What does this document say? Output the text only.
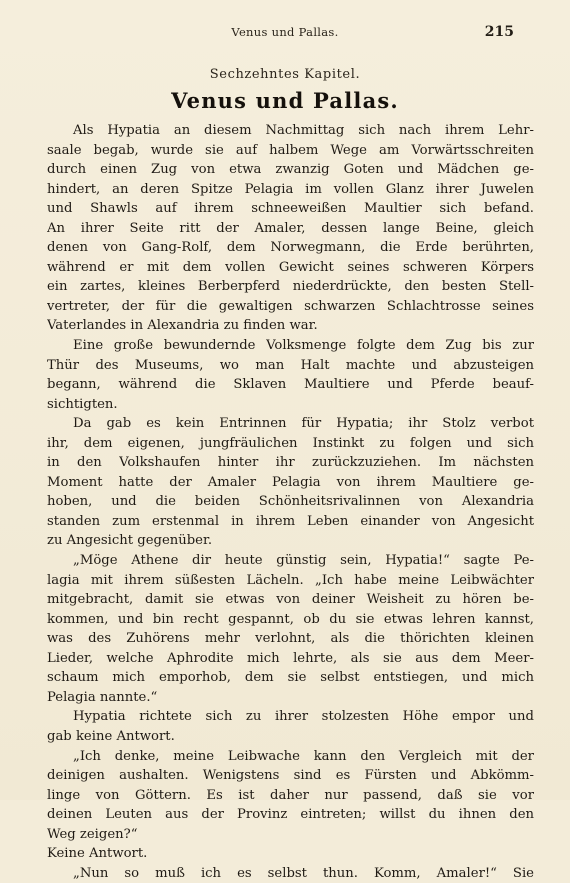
Venus und Pallas.	215
Sechzehntes Kapitel.
Venus und Pallas.
Als Hypatia an diesem Nachmittag sich nach ihrem Lehr-
saale begab, wurde sie auf halbem Wege am Vorwärtsschreiten
durch einen Zug von etwa zwanzig Goten und Mädchen ge-
hindert, an deren Spitze Pelagia im vollen Glanz ihrer Juwelen
und Shawls auf ihrem schneeweißen Maultier sich befand.
An ihrer Seite ritt der Amaler, dessen lange Beine, gleich
denen von Gang-Rolf, dem Norwegmann, die Erde berührten,
während er mit dem vollen Gewicht seines schweren Körpers
ein zartes, kleines Berberpferd niederdrückte, den besten Stell-
vertreter, der für die gewaltigen schwarzen Schlachtrosse seines
Vaterlandes in Alexandria zu finden war.
Eine große bewundernde Volksmenge folgte dem Zug bis zur
Thür des Museums, wo man Halt machte und abzusteigen
begann, während die Sklaven Maultiere und Pferde beauf-
sichtigten.
Da gab es kein Entrinnen für Hypatia; ihr Stolz verbot
ihr, dem eigenen, jungfräulichen Instinkt zu folgen und sich
in den Volkshaufen hinter ihr zurückzuziehen. Im nächsten
Moment hatte der Amaler Pelagia von ihrem Maultiere ge-
hoben, und die beiden Schönheitsrivalinnen von Alexandria
standen zum erstenmal in ihrem Leben einander von Angesicht
zu Angesicht gegenüber.
„Möge Athene dir heute günstig sein, Hypatia!“ sagte Pe-
lagia mit ihrem süßesten Lächeln. „Ich habe meine Leibwächter
mitgebracht, damit sie etwas von deiner Weisheit zu hören be-
kommen, und bin recht gespannt, ob du sie etwas lehren kannst,
was des Zuhörens mehr verlohnt, als die thörichten kleinen
Lieder, welche Aphrodite mich lehrte, als sie aus dem Meer-
schaum mich emporhob, dem sie selbst entstiegen, und mich
Pelagia nannte.“
Hypatia richtete sich zu ihrer stolzesten Höhe empor und
gab keine Antwort.
„Ich denke, meine Leibwache kann den Vergleich mit der
deinigen aushalten. Wenigstens sind es Fürsten und Abkömm-
linge von Göttern. Es ist daher nur passend, daß sie vor
deinen Leuten aus der Provinz eintreten; willst du ihnen den
Weg zeigen?“
Keine Antwort.
„Nun so muß ich es selbst thun. Komm, Amaler!“ Sie
